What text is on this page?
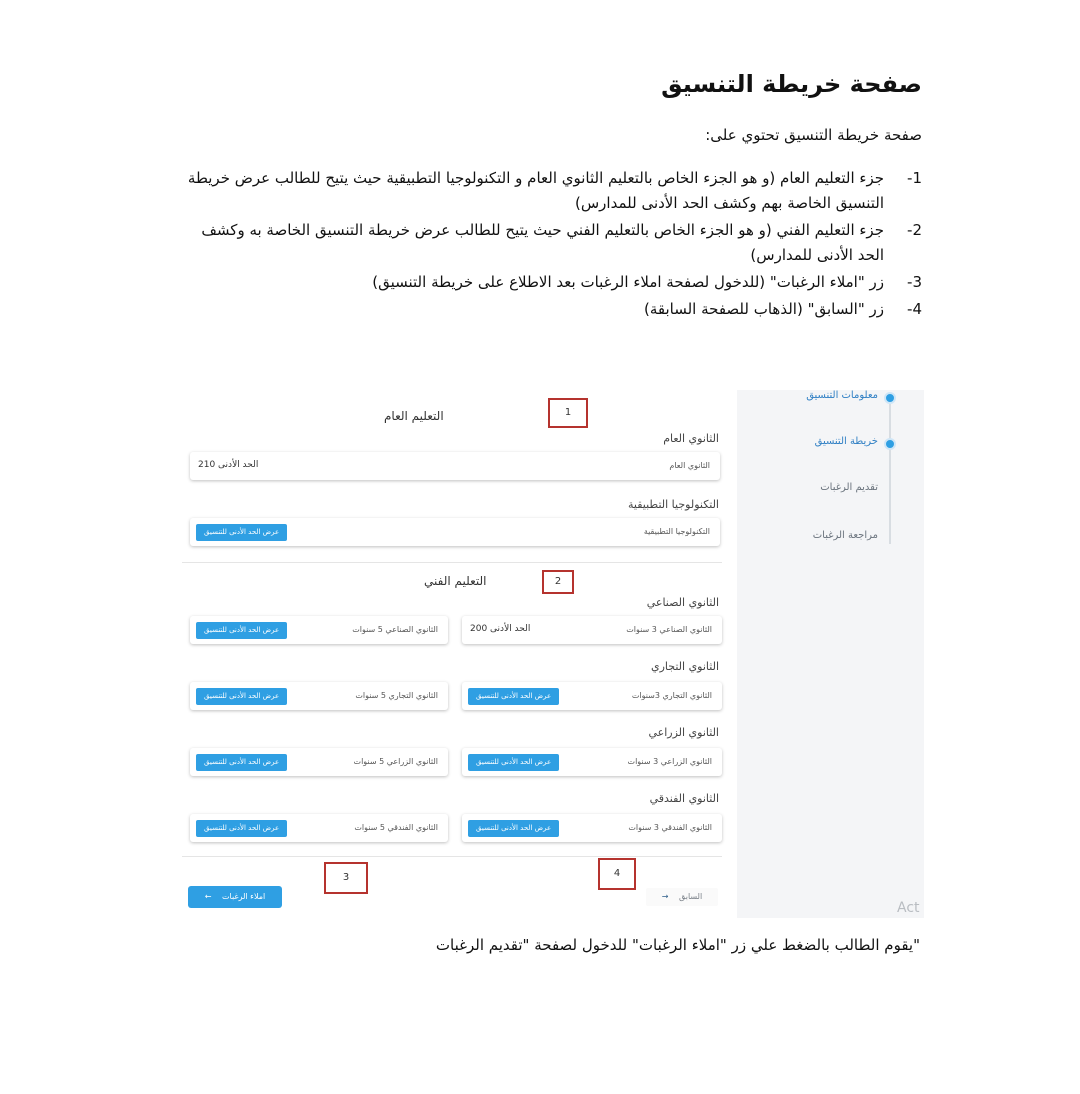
صفحة خريطة التنسيق

صفحة خريطة التنسيق تحتوي على:

1-
جزء التعليم العام (و هو الجزء الخاص بالتعليم الثانوي العام و التكنولوجيا التطبيقية حيث يتيح للطالب عرض خريطة التنسيق الخاصة بهم وكشف الحد الأدنى للمدارس)
2-
جزء التعليم الفني (و هو الجزء الخاص بالتعليم الفني حيث يتيح للطالب عرض خريطة التنسيق الخاصة به وكشف الحد الأدنى للمدارس)
3-
زر "املاء الرغبات" (للدخول لصفحة املاء الرغبات بعد الاطلاع على خريطة التنسيق)
4-
زر "السابق" (الذهاب للصفحة السابقة)
التعليم العام	1
الثانوي العام
الثانوي العام
الحد الأدنى 210
التكنولوجيا التطبيقية
التكنولوجيا التطبيقية
عرض الحد الأدنى للتنسيق
التعليم الفني	2
الثانوي الصناعي
الثانوي الصناعي 3 سنوات
الحد الأدنى 200
الثانوي الصناعي 5 سنوات
عرض الحد الأدنى للتنسيق
الثانوي التجاري
الثانوي التجاري 3سنوات
عرض الحد الأدنى للتنسيق
الثانوي التجاري 5 سنوات
عرض الحد الأدنى للتنسيق
الثانوي الزراعي
الثانوي الزراعي 3 سنوات
عرض الحد الأدنى للتنسيق
الثانوي الزراعي 5 سنوات
عرض الحد الأدنى للتنسيق
الثانوي الفندقي
الثانوي الفندقي 3 سنوات
عرض الحد الأدنى للتنسيق
الثانوي الفندقي 5 سنوات
عرض الحد الأدنى للتنسيق
3	4
املاء الرغبات ←	السابق →
معلومات التنسيق
خريطة التنسيق
تقديم الرغبات
مراجعة الرغبات
Act

"يقوم الطالب بالضغط علي زر "املاء الرغبات" للدخول لصفحة "تقديم الرغبات
